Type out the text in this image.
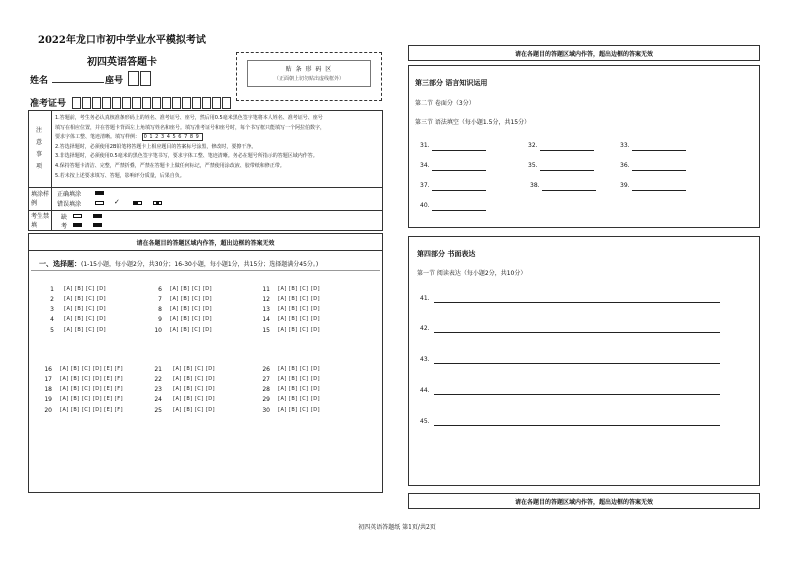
2022年龙口市初中学业水平模拟考试
初四英语答题卡
姓名	座号
准考证号
贴 条 形 码 区
（正面朝上切勿贴出虚线框外）
注意事项
1.答题前，考生务必认真核准条形码上的姓名、准考证号、座号，然后用0.5毫米黑色签字笔将本人姓名、准考证号、座号
填写在相应位置，并在答题卡背面左上角填写姓名和座号。填写准考证号和座号时，每个书写框只能填写一个阿拉伯数字，
要求字体工整、笔迹清晰。填写样例： 0123456789
2.答选择题时，必须使用2B铅笔将答题卡上相应题目的答案标号涂黑，修改时，要擦干净。
3.非选择题时，必须使用0.5毫米的黑色签字笔书写，要求字体工整、笔迹清晰。务必在题号所指示的答题区域内作答。
4.保持答题卡清洁、完整，严禁折叠，严禁在答题卡上做任何标记，严禁使用涂改液、胶带纸和修正带。
5.若未按上述要求填写、答题，影响评分质量，后果自负。
填涂样例
正确填涂
错误填涂	✓
考生禁填
缺
考
请在各题目的答题区域内作答，超出边框的答案无效
一、选择题：(1-15小题，每小题2分，共30分；16-30小题，每小题1分，共15分；选择题满分45分。)
1 [A] [B] [C] [D]
2 [A] [B] [C] [D]
3 [A] [B] [C] [D]
4 [A] [B] [C] [D]
5 [A] [B] [C] [D]
6 [A] [B] [C] [D]
7 [A] [B] [C] [D]
8 [A] [B] [C] [D]
9 [A] [B] [C] [D]
10 [A] [B] [C] [D]
11 [A] [B] [C] [D]
12 [A] [B] [C] [D]
13 [A] [B] [C] [D]
14 [A] [B] [C] [D]
15 [A] [B] [C] [D]
16 [A] [B] [C] [D] [E] [F]
17 [A] [B] [C] [D] [E] [F]
18 [A] [B] [C] [D] [E] [F]
19 [A] [B] [C] [D] [E] [F]
20 [A] [B] [C] [D] [E] [F]
21 [A] [B] [C] [D]
22 [A] [B] [C] [D]
23 [A] [B] [C] [D]
24 [A] [B] [C] [D]
25 [A] [B] [C] [D]
26 [A] [B] [C] [D]
27 [A] [B] [C] [D]
28 [A] [B] [C] [D]
29 [A] [B] [C] [D]
30 [A] [B] [C] [D]
请在各题目的答题区域内作答，超出边框的答案无效
第三部分 语言知识运用
第二节 卷面分（3分）
第三节 语法填空（每小题1.5分，共15分）
31.	32.	33.
34.	35.	36.
37.	38.	39.
40.
第四部分 书面表达
第一节 阅读表达（每小题2分，共10分）
41.
42.
43.
44.
45.
请在各题目的答题区域内作答，超出边框的答案无效
初四英语答题纸 第1页/共2页
